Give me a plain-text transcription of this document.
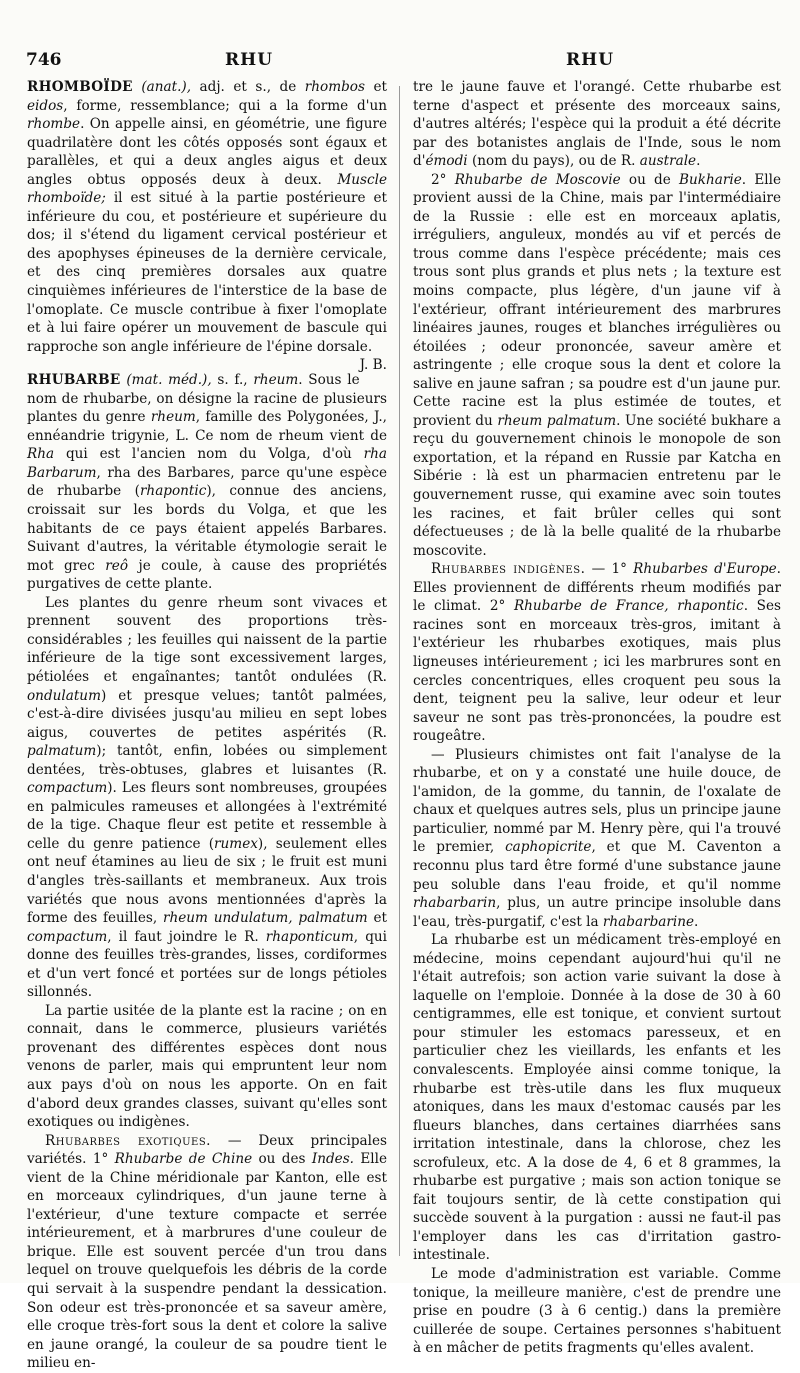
746	RHU	RHU

RHOMBOÏDE (anat.), adj. et s., de rhombos et eidos, forme, ressemblance; qui a la forme d'un rhombe. On appelle ainsi, en géométrie, une figure quadrilatère dont les côtés opposés sont égaux et parallèles, et qui a deux angles aigus et deux angles obtus opposés deux à deux. Muscle rhomboïde; il est situé à la partie postérieure et inférieure du cou, et postérieure et supérieure du dos; il s'étend du ligament cervical postérieur et des apophyses épineuses de la dernière cervicale, et des cinq premières dorsales aux quatre cinquièmes inférieures de l'interstice de la base de l'omoplate. Ce muscle contribue à fixer l'omoplate et à lui faire opérer un mouvement de bascule qui rapproche son angle inférieure de l'épine dorsale.
J. B.

RHUBARBE (mat. méd.), s. f., rheum. Sous le nom de rhubarbe, on désigne la racine de plusieurs plantes du genre rheum, famille des Polygonées, J., ennéandrie trigynie, L. Ce nom de rheum vient de Rha qui est l'ancien nom du Volga, d'où rha Barbarum, rha des Barbares, parce qu'une espèce de rhubarbe (rhapontic), connue des anciens, croissait sur les bords du Volga, et que les habitants de ce pays étaient appelés Barbares. Suivant d'autres, la véritable étymologie serait le mot grec reô je coule, à cause des propriétés purgatives de cette plante.

Les plantes du genre rheum sont vivaces et prennent souvent des proportions très-considérables ; les feuilles qui naissent de la partie inférieure de la tige sont excessivement larges, pétiolées et engaînantes; tantôt ondulées (R. ondulatum) et presque velues; tantôt palmées, c'est-à-dire divisées jusqu'au milieu en sept lobes aigus, couvertes de petites aspérités (R. palmatum); tantôt, enfin, lobées ou simplement dentées, très-obtuses, glabres et luisantes (R. compactum). Les fleurs sont nombreuses, groupées en palmicules rameuses et allongées à l'extrémité de la tige. Chaque fleur est petite et ressemble à celle du genre patience (rumex), seulement elles ont neuf étamines au lieu de six ; le fruit est muni d'angles très-saillants et membraneux. Aux trois variétés que nous avons mentionnées d'après la forme des feuilles, rheum undulatum, palmatum et compactum, il faut joindre le R. rhaponticum, qui donne des feuilles très-grandes, lisses, cordiformes et d'un vert foncé et portées sur de longs pétioles sillonnés.

La partie usitée de la plante est la racine ; on en connait, dans le commerce, plusieurs variétés provenant des différentes espèces dont nous venons de parler, mais qui empruntent leur nom aux pays d'où on nous les apporte. On en fait d'abord deux grandes classes, suivant qu'elles sont exotiques ou indigènes.

Rhubarbes exotiques. — Deux principales variétés. 1° Rhubarbe de Chine ou des Indes. Elle vient de la Chine méridionale par Kanton, elle est en morceaux cylindriques, d'un jaune terne à l'extérieur, d'une texture compacte et serrée intérieurement, et à marbrures d'une couleur de brique. Elle est souvent percée d'un trou dans lequel on trouve quelquefois les débris de la corde qui servait à la suspendre pendant la dessication. Son odeur est très-prononcée et sa saveur amère, elle croque très-fort sous la dent et colore la salive en jaune orangé, la couleur de sa poudre tient le milieu en-

tre le jaune fauve et l'orangé. Cette rhubarbe est terne d'aspect et présente des morceaux sains, d'autres altérés; l'espèce qui la produit a été décrite par des botanistes anglais de l'Inde, sous le nom d'émodi (nom du pays), ou de R. australe.

2° Rhubarbe de Moscovie ou de Bukharie. Elle provient aussi de la Chine, mais par l'intermédiaire de la Russie : elle est en morceaux aplatis, irréguliers, anguleux, mondés au vif et percés de trous comme dans l'espèce précédente; mais ces trous sont plus grands et plus nets ; la texture est moins compacte, plus légère, d'un jaune vif à l'extérieur, offrant intérieurement des marbrures linéaires jaunes, rouges et blanches irrégulières ou étoilées ; odeur prononcée, saveur amère et astringente ; elle croque sous la dent et colore la salive en jaune safran ; sa poudre est d'un jaune pur. Cette racine est la plus estimée de toutes, et provient du rheum palmatum. Une société bukhare a reçu du gouvernement chinois le monopole de son exportation, et la répand en Russie par Katcha en Sibérie : là est un pharmacien entretenu par le gouvernement russe, qui examine avec soin toutes les racines, et fait brûler celles qui sont défectueuses ; de là la belle qualité de la rhubarbe moscovite.

Rhubarbes indigènes. — 1° Rhubarbes d'Europe. Elles proviennent de différents rheum modifiés par le climat. 2° Rhubarbe de France, rhapontic. Ses racines sont en morceaux très-gros, imitant à l'extérieur les rhubarbes exotiques, mais plus ligneuses intérieurement ; ici les marbrures sont en cercles concentriques, elles croquent peu sous la dent, teignent peu la salive, leur odeur et leur saveur ne sont pas très-prononcées, la poudre est rougeâtre.

— Plusieurs chimistes ont fait l'analyse de la rhubarbe, et on y a constaté une huile douce, de l'amidon, de la gomme, du tannin, de l'oxalate de chaux et quelques autres sels, plus un principe jaune particulier, nommé par M. Henry père, qui l'a trouvé le premier, caphopicrite, et que M. Caventon a reconnu plus tard être formé d'une substance jaune peu soluble dans l'eau froide, et qu'il nomme rhabarbarin, plus, un autre principe insoluble dans l'eau, très-purgatif, c'est la rhabarbarine.

La rhubarbe est un médicament très-employé en médecine, moins cependant aujourd'hui qu'il ne l'était autrefois; son action varie suivant la dose à laquelle on l'emploie. Donnée à la dose de 30 à 60 centigrammes, elle est tonique, et convient surtout pour stimuler les estomacs paresseux, et en particulier chez les vieillards, les enfants et les convalescents. Employée ainsi comme tonique, la rhubarbe est très-utile dans les flux muqueux atoniques, dans les maux d'estomac causés par les flueurs blanches, dans certaines diarrhées sans irritation intestinale, dans la chlorose, chez les scrofuleux, etc. A la dose de 4, 6 et 8 grammes, la rhubarbe est purgative ; mais son action tonique se fait toujours sentir, de là cette constipation qui succède souvent à la purgation : aussi ne faut-il pas l'employer dans les cas d'irritation gastro-intestinale.

Le mode d'administration est variable. Comme tonique, la meilleure manière, c'est de prendre une prise en poudre (3 à 6 centig.) dans la première cuillerée de soupe. Certaines personnes s'habituent à en mâcher de petits fragments qu'elles avalent.
